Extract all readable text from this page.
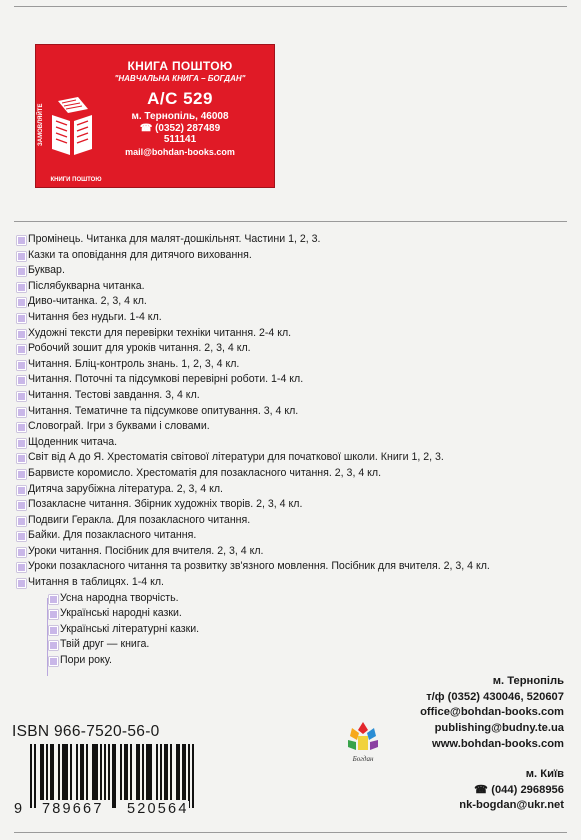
ЗАМОВЛЯЙТЕ
КНИГИ ПОШТОЮ
КНИГА ПОШТОЮ
"НАВЧАЛЬНА КНИГА – БОГДАН"
А/С 529
м. Тернопіль, 46008
☎ (0352) 287489
511141
mail@bohdan-books.com
Промінець. Читанка для малят-дошкільнят. Частини 1, 2, 3.
Казки та оповідання для дитячого виховання.
Буквар.
Післябукварна читанка.
Диво-читанка. 2, 3, 4 кл.
Читання без нудьги. 1-4 кл.
Художні тексти для перевірки техніки читання. 2-4 кл.
Робочий зошит для уроків читання. 2, 3, 4 кл.
Читання. Бліц-контроль знань. 1, 2, 3, 4 кл.
Читання. Поточні та підсумкові перевірні роботи. 1-4 кл.
Читання. Тестові завдання. 3, 4 кл.
Читання. Тематичне та підсумкове опитування. 3, 4 кл.
Словограй. Ігри з буквами і словами.
Щоденник читача.
Світ від А до Я. Хрестоматія світової літератури для початкової школи. Книги 1, 2, 3.
Барвисте коромисло. Хрестоматія для позакласного читання. 2, 3, 4 кл.
Дитяча зарубіжна література. 2, 3, 4 кл.
Позакласне читання. Збірник художніх творів. 2, 3, 4 кл.
Подвиги Геракла. Для позакласного читання.
Байки. Для позакласного читання.
Уроки читання. Посібник для вчителя. 2, 3, 4 кл.
Уроки позакласного читання та розвитку зв'язного мовлення. Посібник для вчителя. 2, 3, 4 кл.
Читання в таблицях. 1-4 кл.
Усна народна творчість.
Українські народні казки.
Українські літературні казки.
Твій друг — книга.
Пори року.
м. Тернопіль
т/ф (0352) 430046, 520607
office@bohdan-books.com
publishing@budny.te.ua
www.bohdan-books.com
м. Київ
☎ (044) 2968956
nk-bogdan@ukr.net
Богдан
ISBN 966-7520-56-0
9 789667 520564
